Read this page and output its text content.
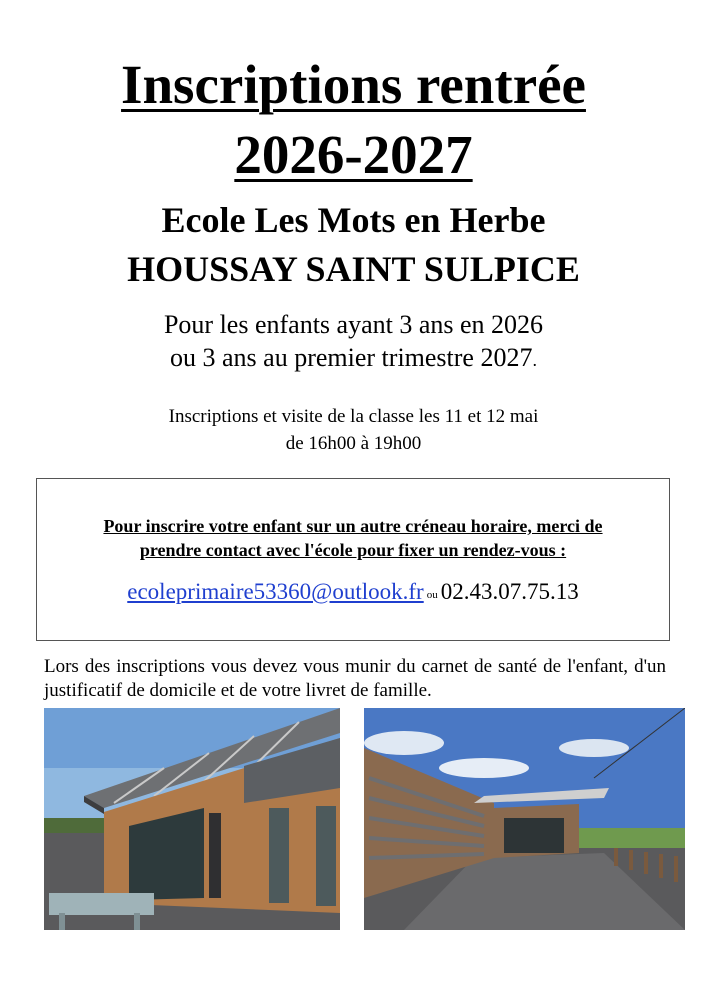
Inscriptions rentrée
2026-2027
Ecole Les Mots en Herbe
HOUSSAY SAINT SULPICE
Pour les enfants ayant 3 ans en 2026
ou 3 ans au premier trimestre 2027.
Inscriptions et visite de la classe les 11 et 12 mai
de 16h00 à 19h00
Pour inscrire votre enfant sur un autre créneau horaire, merci de
prendre contact avec l'école pour fixer un rendez-vous :
ecoleprimaire53360@outlook.fr ou 02.43.07.75.13
Lors des inscriptions vous devez vous munir du carnet de santé de l'enfant, d'un justificatif de domicile et de votre livret de famille.
